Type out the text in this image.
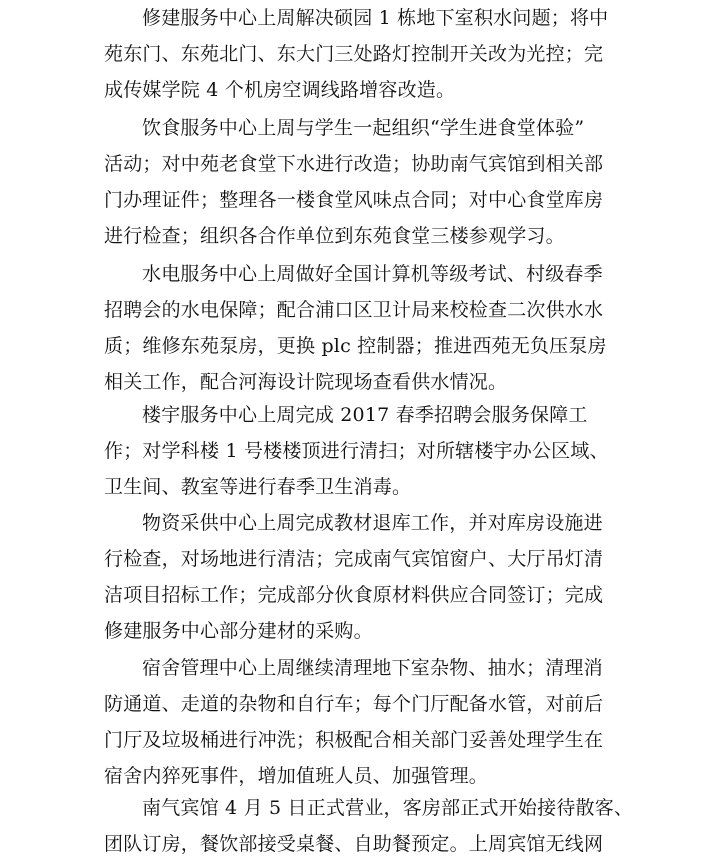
修建服务中心上周解决硕园 1 栋地下室积水问题；将中
苑东门、东苑北门、东大门三处路灯控制开关改为光控；完
成传媒学院 4 个机房空调线路增容改造。
饮食服务中心上周与学生一起组织“学生进食堂体验”
活动；对中苑老食堂下水进行改造；协助南气宾馆到相关部
门办理证件；整理各一楼食堂风味点合同；对中心食堂库房
进行检查；组织各合作单位到东苑食堂三楼参观学习。
水电服务中心上周做好全国计算机等级考试、村级春季
招聘会的水电保障；配合浦口区卫计局来校检查二次供水水
质；维修东苑泵房，更换 plc 控制器；推进西苑无负压泵房
相关工作，配合河海设计院现场查看供水情况。
楼宇服务中心上周完成 2017 春季招聘会服务保障工
作；对学科楼 1 号楼楼顶进行清扫；对所辖楼宇办公区域、
卫生间、教室等进行春季卫生消毒。
物资采供中心上周完成教材退库工作，并对库房设施进
行检查，对场地进行清洁；完成南气宾馆窗户、大厅吊灯清
洁项目招标工作；完成部分伙食原材料供应合同签订；完成
修建服务中心部分建材的采购。
宿舍管理中心上周继续清理地下室杂物、抽水；清理消
防通道、走道的杂物和自行车；每个门厅配备水管，对前后
门厅及垃圾桶进行冲洗；积极配合相关部门妥善处理学生在
宿舍内猝死事件，增加值班人员、加强管理。
南气宾馆 4 月 5 日正式营业，客房部正式开始接待散客、
团队订房，餐饮部接受桌餐、自助餐预定。上周宾馆无线网
